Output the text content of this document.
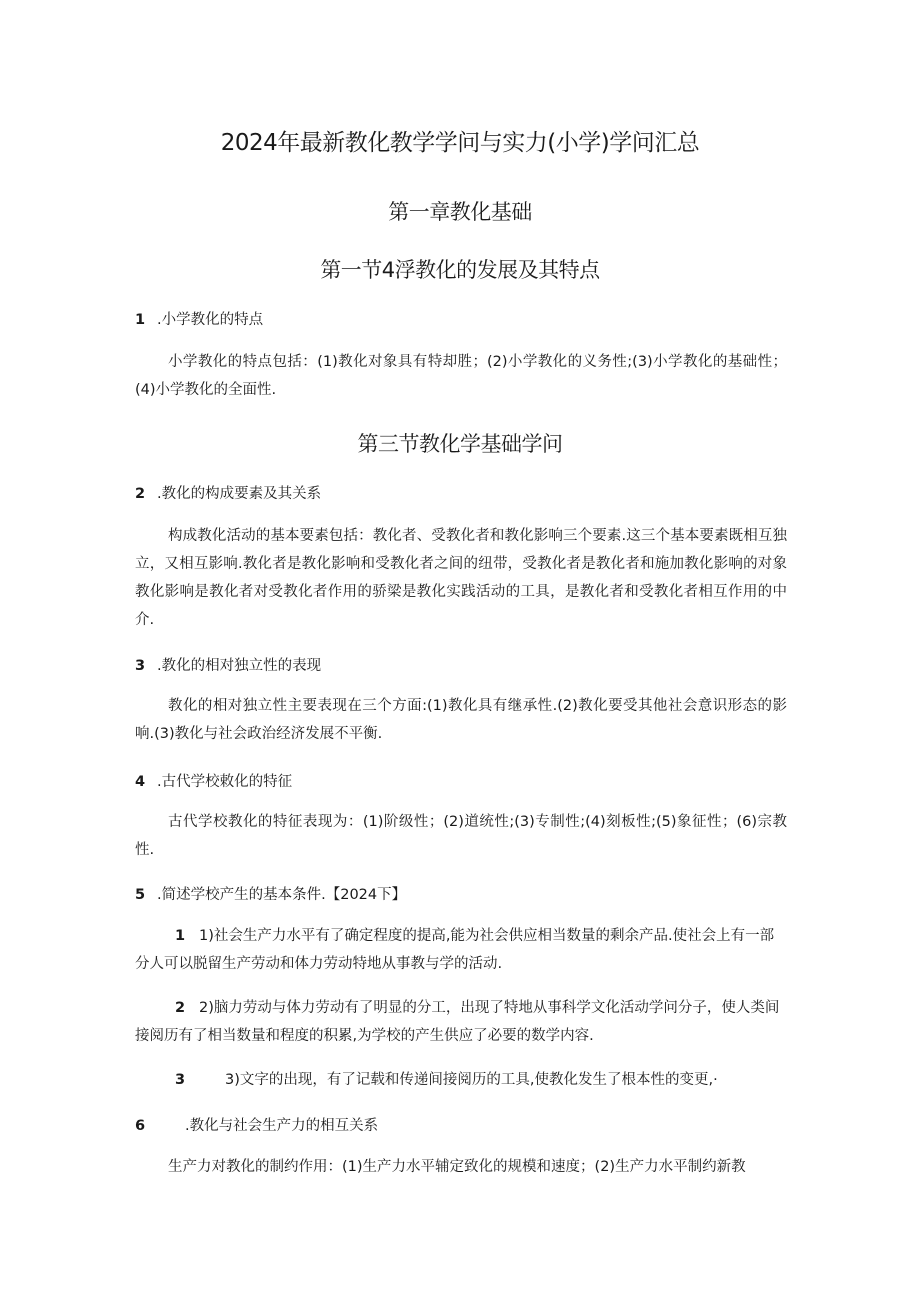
2024年最新教化教学学问与实力(小学)学问汇总
第一章教化基础
第一节4浮教化的发展及其特点
1 .小学教化的特点

小学教化的特点包括：(1)教化对象具有特却胜；(2)小学教化的义务性;(3)小学教化的基础性；(4)小学教化的全面性.

第三节教化学基础学问
2 .教化的构成要素及其关系

构成教化活动的基本要素包括：教化者、受教化者和教化影响三个要素.这三个基本要素既相互独立，又相互影响.教化者是教化影响和受教化者之间的纽带，受教化者是教化者和施加教化影响的对象教化影响是教化者对受教化者作用的骄梁是教化实践活动的工具，是教化者和受教化者相互作用的中介.

3 .教化的相对独立性的表现

教化的相对独立性主要表现在三个方面:(1)教化具有继承性.(2)教化要受其他社会意识形态的影响.(3)教化与社会政治经济发展不平衡.

4 .古代学校敕化的特征

古代学校教化的特征表现为：(1)阶级性；(2)道统性;(3)专制性;(4)刻板性;(5)象征性；(6)宗教性.

5 .简述学校产生的基本条件.【2024下】

1 1)社会生产力水平有了确定程度的提高,能为社会供应相当数量的剩余产品.使社会上有一部分人可以脱留生产劳动和体力劳动特地从事教与学的活动.

2 2)脑力劳动与体力劳动有了明显的分工，出现了特地从事科学文化活动学问分子，使人类间接阅历有了相当数量和程度的积累,为学校的产生供应了必要的数学内容.

3	3)文字的出现，有了记载和传递间接阅历的工具,使教化发生了根本性的变更,·

6	.教化与社会生产力的相互关系

生产力对教化的制约作用：(1)生产力水平辅定致化的规模和速度；(2)生产力水平制约新教
